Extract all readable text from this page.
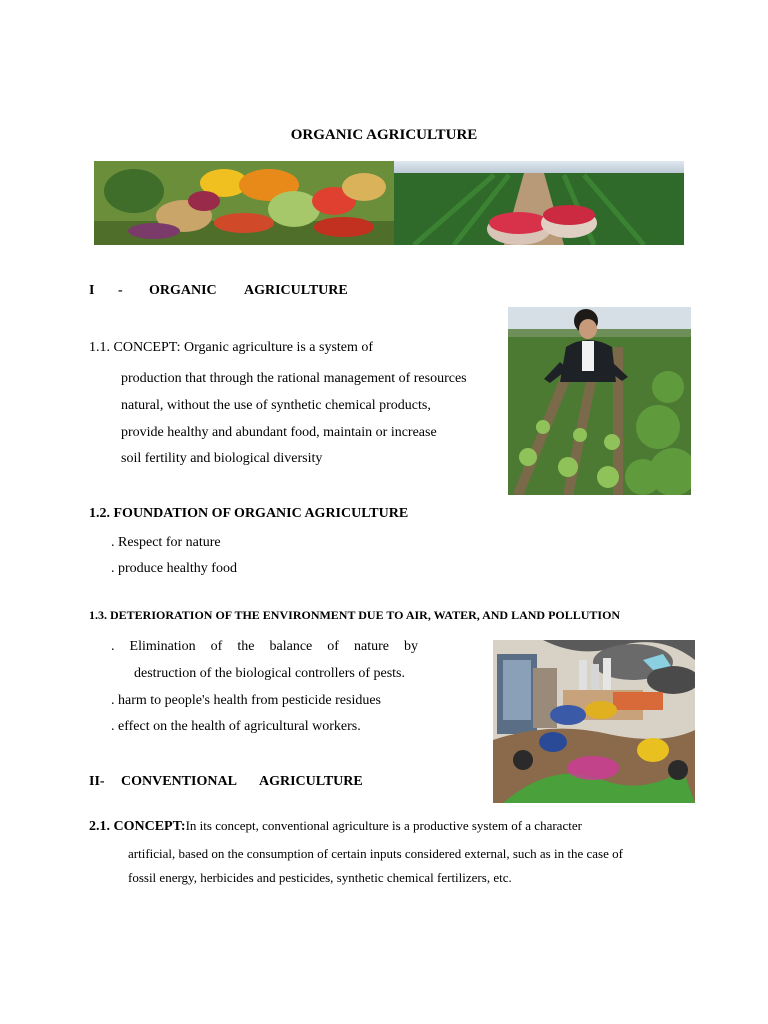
ORGANIC AGRICULTURE
I - ORGANIC AGRICULTURE
1.1. CONCEPT: Organic agriculture is a system of
production that through the rational management of resources
natural, without the use of synthetic chemical products,
provide healthy and abundant food, maintain or increase
soil fertility and biological diversity
1.2. FOUNDATION OF ORGANIC AGRICULTURE
. Respect for nature
. produce healthy food
1.3. DETERIORATION OF THE ENVIRONMENT DUE TO AIR, WATER, AND LAND POLLUTION
. Elimination of the balance of nature by
destruction of the biological controllers of pests.
. harm to people's health from pesticide residues
. effect on the health of agricultural workers.
II- CONVENTIONAL AGRICULTURE
2.1. CONCEPT:In its concept, conventional agriculture is a productive system of a character
artificial, based on the consumption of certain inputs considered external, such as in the case of
fossil energy, herbicides and pesticides, synthetic chemical fertilizers, etc.
